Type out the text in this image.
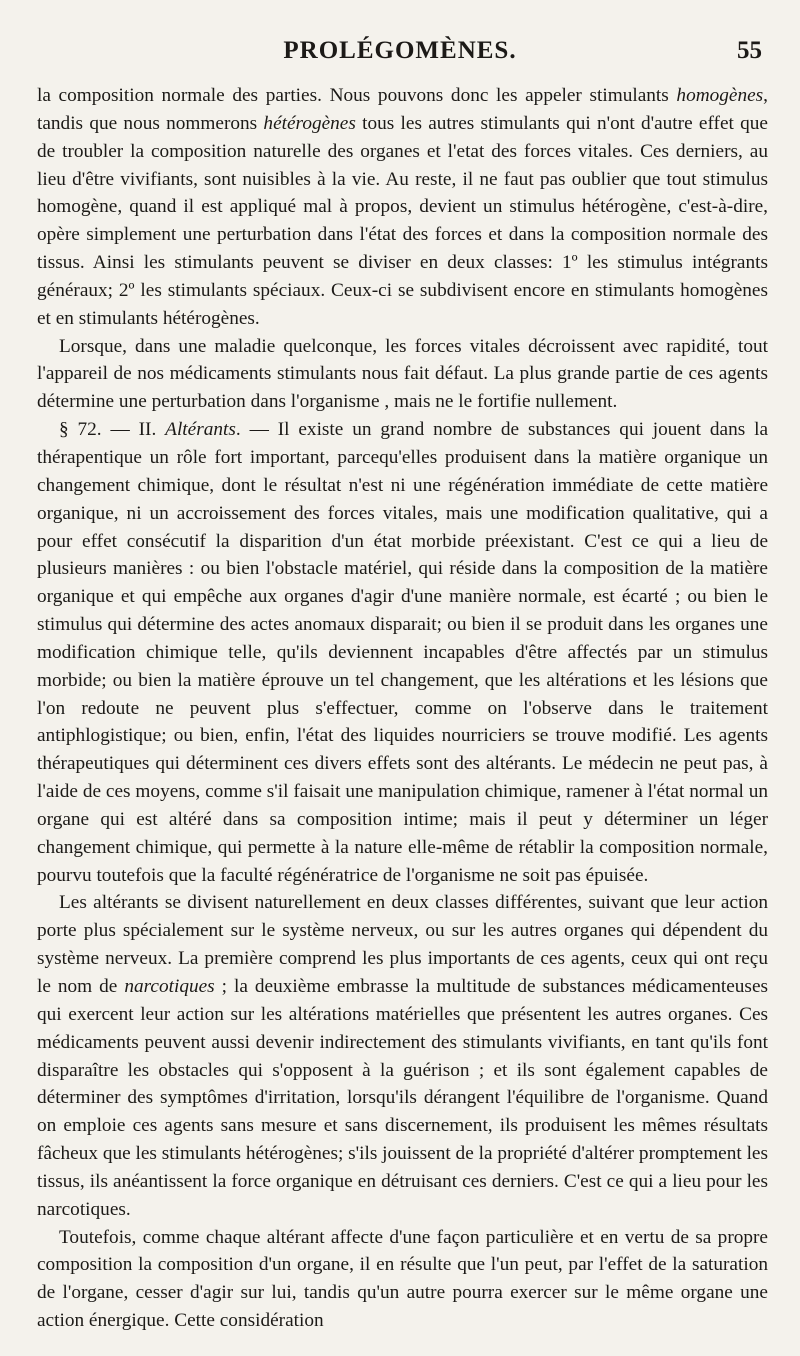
PROLÉGOMÈNES.	55

la composition normale des parties. Nous pouvons donc les appeler stimulants homogènes, tandis que nous nommerons hétérogènes tous les autres stimulants qui n'ont d'autre effet que de troubler la composition naturelle des organes et l'etat des forces vitales. Ces derniers, au lieu d'être vivifiants, sont nuisibles à la vie. Au reste, il ne faut pas oublier que tout stimulus homogène, quand il est appliqué mal à propos, devient un stimulus hétérogène, c'est-à-dire, opère simplement une perturbation dans l'état des forces et dans la composition normale des tissus. Ainsi les stimulants peuvent se diviser en deux classes: 1º les stimulus intégrants généraux; 2º les stimulants spéciaux. Ceux-ci se subdivisent encore en stimulants homogènes et en stimulants hétérogènes.

Lorsque, dans une maladie quelconque, les forces vitales décroissent avec rapidité, tout l'appareil de nos médicaments stimulants nous fait défaut. La plus grande partie de ces agents détermine une perturbation dans l'organisme , mais ne le fortifie nullement.

§ 72. — II. Altérants. — Il existe un grand nombre de substances qui jouent dans la thérapentique un rôle fort important, parcequ'elles produisent dans la matière organique un changement chimique, dont le résultat n'est ni une régénération immédiate de cette matière organique, ni un accroissement des forces vitales, mais une modification qualitative, qui a pour effet consécutif la disparition d'un état morbide préexistant. C'est ce qui a lieu de plusieurs manières : ou bien l'obstacle matériel, qui réside dans la composition de la matière organique et qui empêche aux organes d'agir d'une manière normale, est écarté ; ou bien le stimulus qui détermine des actes anomaux disparait; ou bien il se produit dans les organes une modification chimique telle, qu'ils deviennent incapables d'être affectés par un stimulus morbide; ou bien la matière éprouve un tel changement, que les altérations et les lésions que l'on redoute ne peuvent plus s'effectuer, comme on l'observe dans le traitement antiphlogistique; ou bien, enfin, l'état des liquides nourriciers se trouve modifié. Les agents thérapeutiques qui déterminent ces divers effets sont des altérants. Le médecin ne peut pas, à l'aide de ces moyens, comme s'il faisait une manipulation chimique, ramener à l'état normal un organe qui est altéré dans sa composition intime; mais il peut y déterminer un léger changement chimique, qui permette à la nature elle-même de rétablir la composition normale, pourvu toutefois que la faculté régénératrice de l'organisme ne soit pas épuisée.

Les altérants se divisent naturellement en deux classes différentes, suivant que leur action porte plus spécialement sur le système nerveux, ou sur les autres organes qui dépendent du système nerveux. La première comprend les plus importants de ces agents, ceux qui ont reçu le nom de narcotiques ; la deuxième embrasse la multitude de substances médicamenteuses qui exercent leur action sur les altérations matérielles que présentent les autres organes. Ces médicaments peuvent aussi devenir indirectement des stimulants vivifiants, en tant qu'ils font disparaître les obstacles qui s'opposent à la guérison ; et ils sont également capables de déterminer des symptômes d'irritation, lorsqu'ils dérangent l'équilibre de l'organisme. Quand on emploie ces agents sans mesure et sans discernement, ils produisent les mêmes résultats fâcheux que les stimulants hétérogènes; s'ils jouissent de la propriété d'altérer promptement les tissus, ils anéantissent la force organique en détruisant ces derniers. C'est ce qui a lieu pour les narcotiques.

Toutefois, comme chaque altérant affecte d'une façon particulière et en vertu de sa propre composition la composition d'un organe, il en résulte que l'un peut, par l'effet de la saturation de l'organe, cesser d'agir sur lui, tandis qu'un autre pourra exercer sur le même organe une action énergique. Cette considération
